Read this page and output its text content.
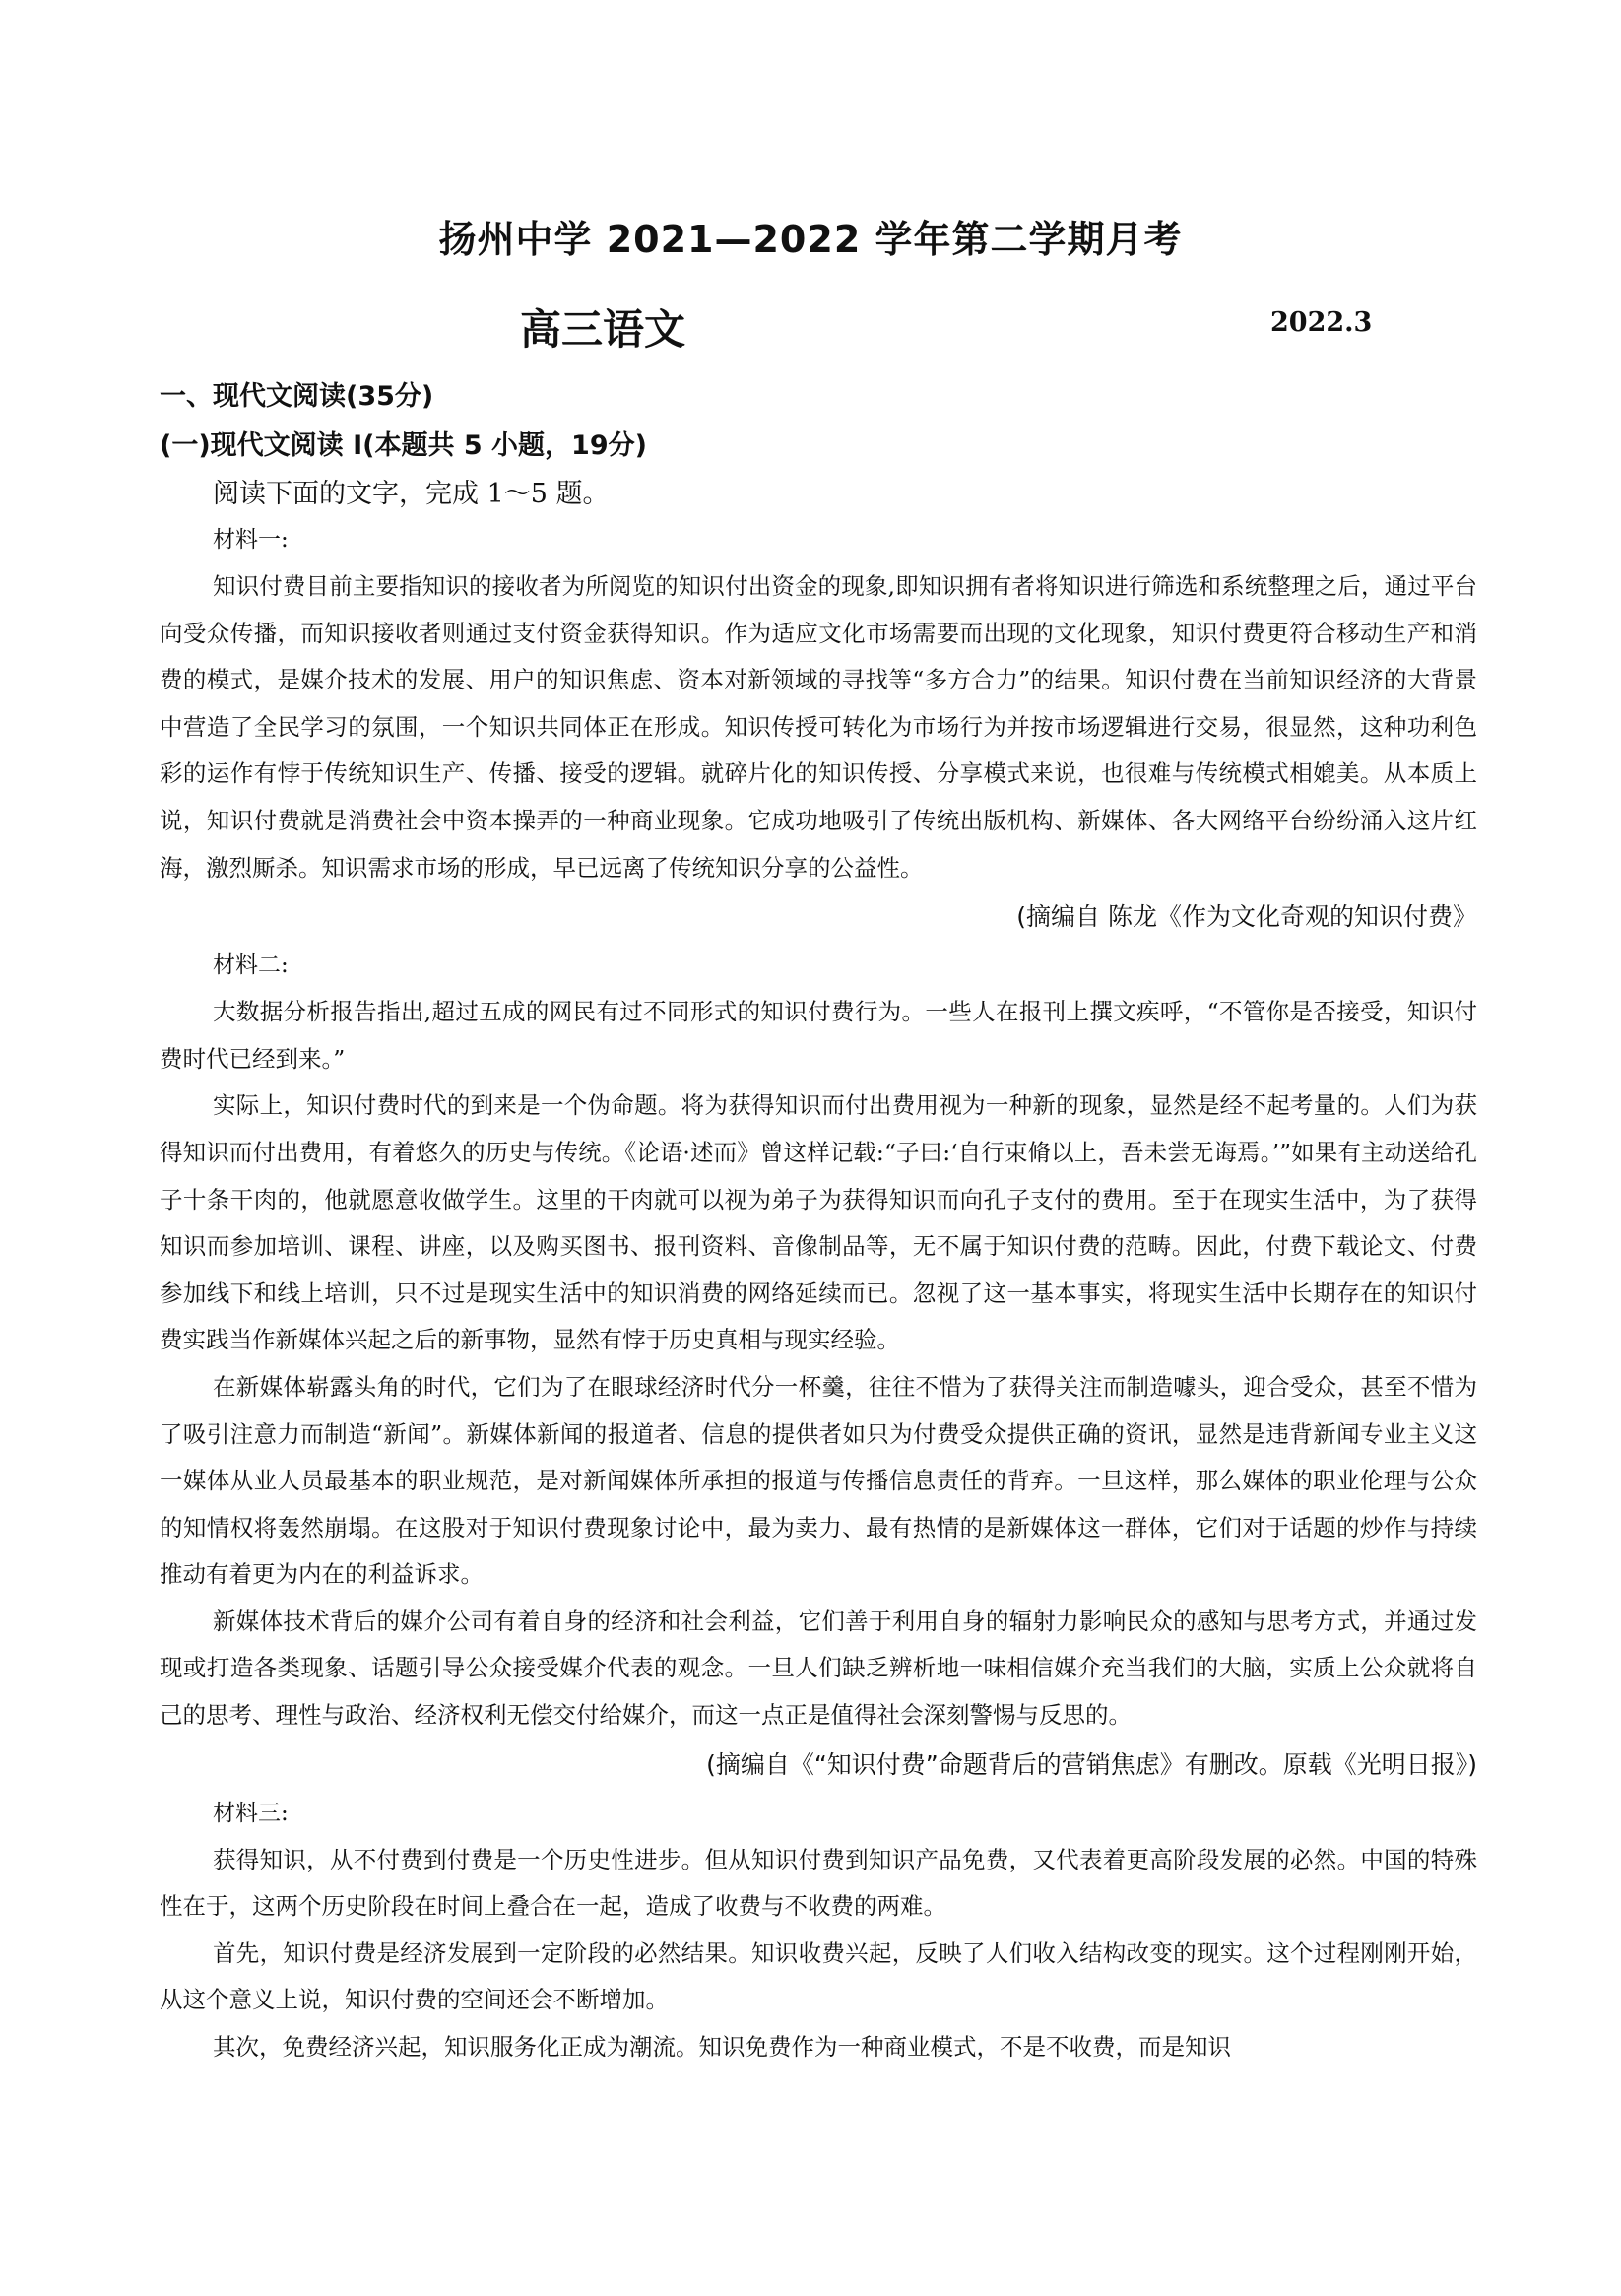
扬州中学 2021—2022 学年第二学期月考
高三语文	2022.3
一、现代文阅读(35分)
(一)现代文阅读 I(本题共 5 小题，19分)
阅读下面的文字，完成 1～5 题。
材料一:

知识付费目前主要指知识的接收者为所阅览的知识付出资金的现象,即知识拥有者将知识进行筛选和系统整理之后，通过平台向受众传播，而知识接收者则通过支付资金获得知识。作为适应文化市场需要而出现的文化现象，知识付费更符合移动生产和消费的模式，是媒介技术的发展、用户的知识焦虑、资本对新领域的寻找等“多方合力”的结果。知识付费在当前知识经济的大背景中营造了全民学习的氛围，一个知识共同体正在形成。知识传授可转化为市场行为并按市场逻辑进行交易，很显然，这种功利色彩的运作有悖于传统知识生产、传播、接受的逻辑。就碎片化的知识传授、分享模式来说，也很难与传统模式相媲美。从本质上说，知识付费就是消费社会中资本操弄的一种商业现象。它成功地吸引了传统出版机构、新媒体、各大网络平台纷纷涌入这片红海，激烈厮杀。知识需求市场的形成，早已远离了传统知识分享的公益性。

(摘编自 陈龙《作为文化奇观的知识付费》
材料二:

大数据分析报告指出,超过五成的网民有过不同形式的知识付费行为。一些人在报刊上撰文疾呼，“不管你是否接受，知识付费时代已经到来。”

实际上，知识付费时代的到来是一个伪命题。将为获得知识而付出费用视为一种新的现象，显然是经不起考量的。人们为获得知识而付出费用，有着悠久的历史与传统。《论语·述而》曾这样记载:“子曰:‘自行束脩以上，吾未尝无诲焉。’”如果有主动送给孔子十条干肉的，他就愿意收做学生。这里的干肉就可以视为弟子为获得知识而向孔子支付的费用。至于在现实生活中，为了获得知识而参加培训、课程、讲座，以及购买图书、报刊资料、音像制品等，无不属于知识付费的范畴。因此，付费下载论文、付费参加线下和线上培训，只不过是现实生活中的知识消费的网络延续而已。忽视了这一基本事实，将现实生活中长期存在的知识付费实践当作新媒体兴起之后的新事物，显然有悖于历史真相与现实经验。

在新媒体崭露头角的时代，它们为了在眼球经济时代分一杯羹，往往不惜为了获得关注而制造噱头，迎合受众，甚至不惜为了吸引注意力而制造“新闻”。新媒体新闻的报道者、信息的提供者如只为付费受众提供正确的资讯，显然是违背新闻专业主义这一媒体从业人员最基本的职业规范，是对新闻媒体所承担的报道与传播信息责任的背弃。一旦这样，那么媒体的职业伦理与公众的知情权将轰然崩塌。在这股对于知识付费现象讨论中，最为卖力、最有热情的是新媒体这一群体，它们对于话题的炒作与持续推动有着更为内在的利益诉求。

新媒体技术背后的媒介公司有着自身的经济和社会利益，它们善于利用自身的辐射力影响民众的感知与思考方式，并通过发现或打造各类现象、话题引导公众接受媒介代表的观念。一旦人们缺乏辨析地一味相信媒介充当我们的大脑，实质上公众就将自己的思考、理性与政治、经济权利无偿交付给媒介，而这一点正是值得社会深刻警惕与反思的。

(摘编自《“知识付费”命题背后的营销焦虑》有删改。原载《光明日报》)
材料三:

获得知识，从不付费到付费是一个历史性进步。但从知识付费到知识产品免费，又代表着更高阶段发展的必然。中国的特殊性在于，这两个历史阶段在时间上叠合在一起，造成了收费与不收费的两难。

首先，知识付费是经济发展到一定阶段的必然结果。知识收费兴起，反映了人们收入结构改变的现实。这个过程刚刚开始，从这个意义上说，知识付费的空间还会不断增加。

其次，免费经济兴起，知识服务化正成为潮流。知识免费作为一种商业模式，不是不收费，而是知识
